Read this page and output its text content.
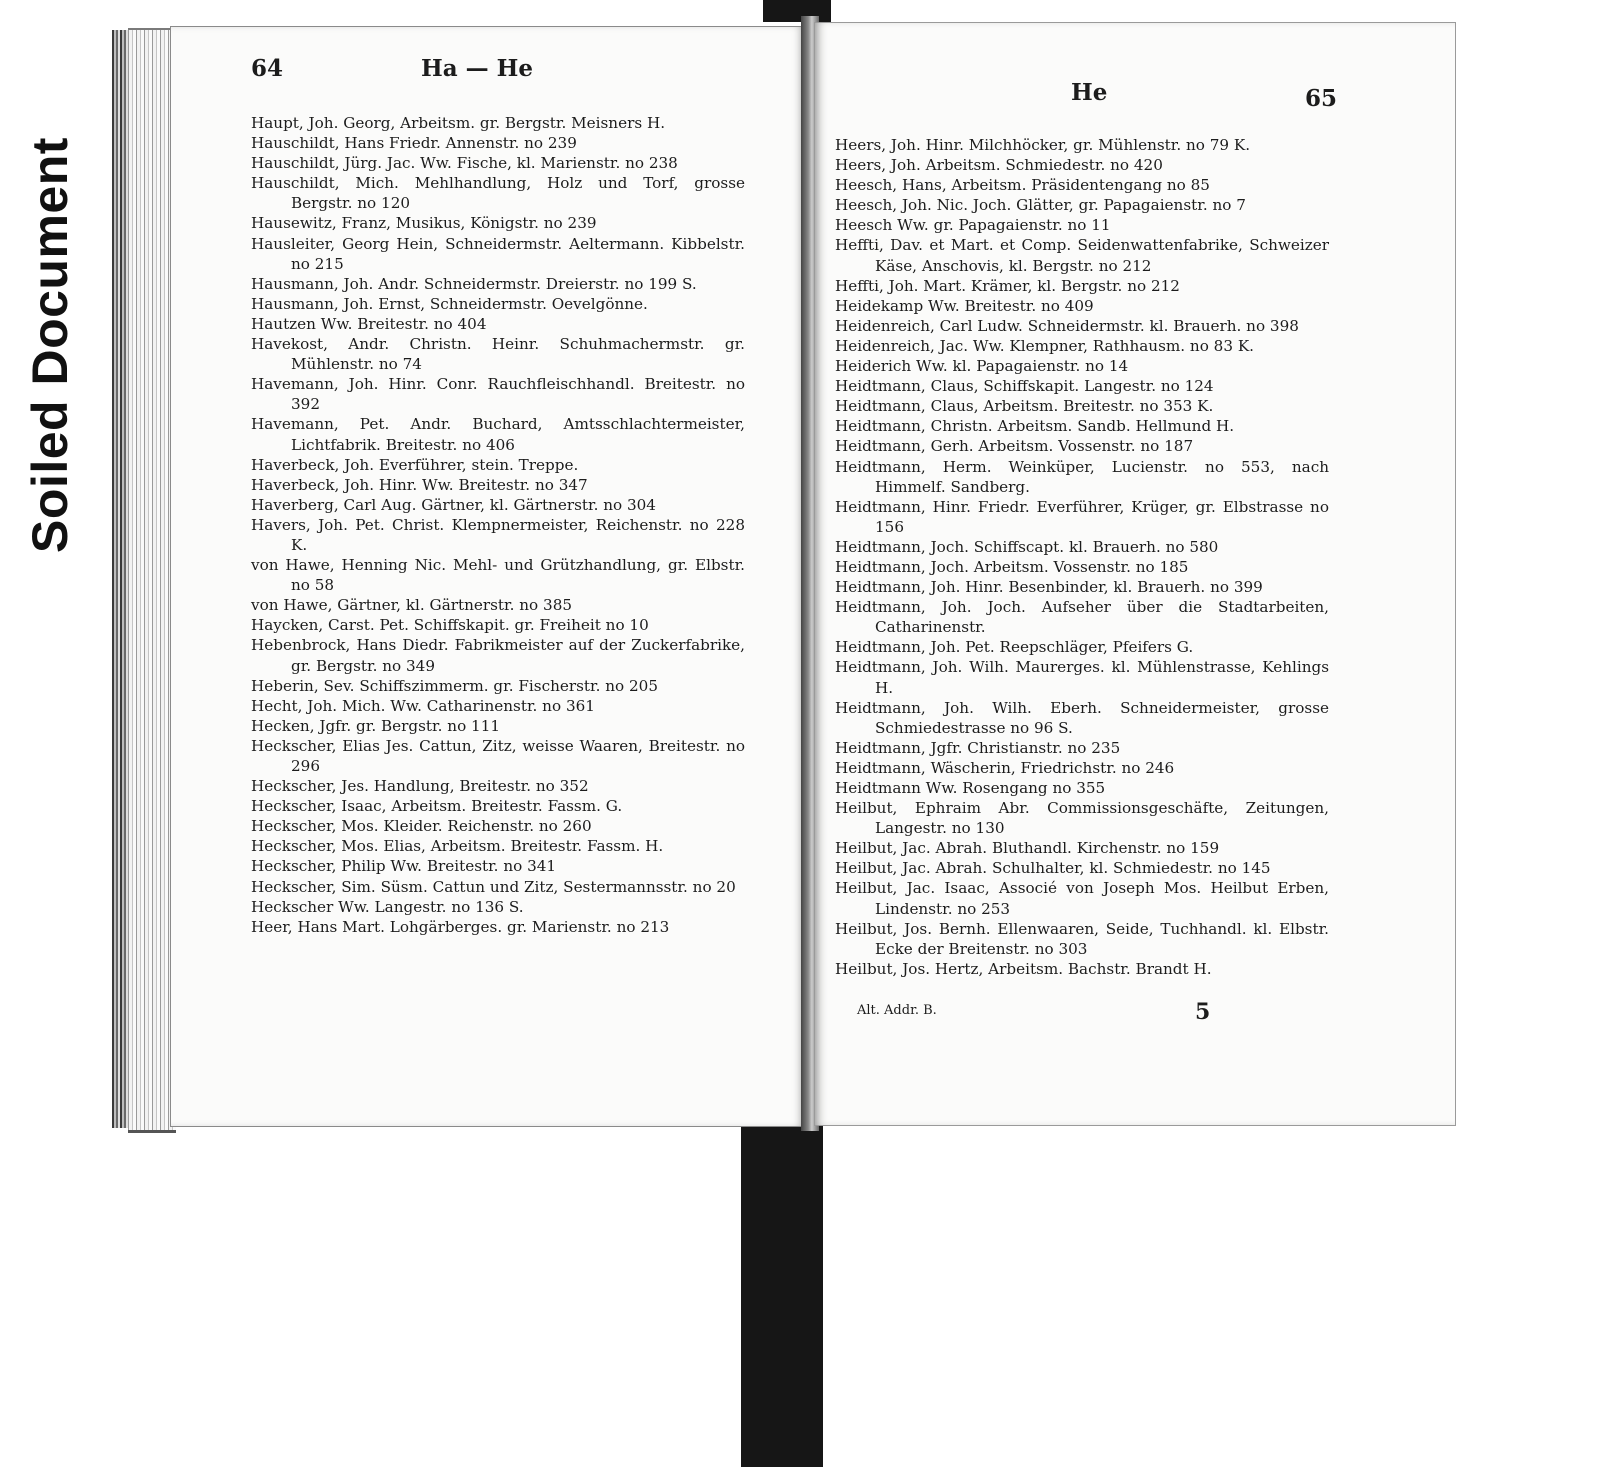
Soiled Document
64	Ha — He
Haupt, Joh. Georg, Arbeitsm. gr. Bergstr. Meisners H.
Hauschildt, Hans Friedr. Annenstr. no 239
Hauschildt, Jürg. Jac. Ww. Fische, kl. Marienstr. no 238
Hauschildt, Mich. Mehlhandlung, Holz und Torf, grosse Bergstr. no 120
Hausewitz, Franz, Musikus, Königstr. no 239
Hausleiter, Georg Hein, Schneidermstr. Aeltermann. Kibbelstr. no 215
Hausmann, Joh. Andr. Schneidermstr. Dreierstr. no 199 S.
Hausmann, Joh. Ernst, Schneidermstr. Oevelgönne.
Hautzen Ww. Breitestr. no 404
Havekost, Andr. Christn. Heinr. Schuhmachermstr. gr. Mühlenstr. no 74
Havemann, Joh. Hinr. Conr. Rauchfleischhandl. Breitestr. no 392
Havemann, Pet. Andr. Buchard, Amtsschlachtermeister, Lichtfabrik. Breitestr. no 406
Haverbeck, Joh. Everführer, stein. Treppe.
Haverbeck, Joh. Hinr. Ww. Breitestr. no 347
Haverberg, Carl Aug. Gärtner, kl. Gärtnerstr. no 304
Havers, Joh. Pet. Christ. Klempnermeister, Reichenstr. no 228 K.
von Hawe, Henning Nic. Mehl- und Grützhandlung, gr. Elbstr. no 58
von Hawe, Gärtner, kl. Gärtnerstr. no 385
Haycken, Carst. Pet. Schiffskapit. gr. Freiheit no 10
Hebenbrock, Hans Diedr. Fabrikmeister auf der Zuckerfabrike, gr. Bergstr. no 349
Heberin, Sev. Schiffszimmerm. gr. Fischerstr. no 205
Hecht, Joh. Mich. Ww. Catharinenstr. no 361
Hecken, Jgfr. gr. Bergstr. no 111
Heckscher, Elias Jes. Cattun, Zitz, weisse Waaren, Breitestr. no 296
Heckscher, Jes. Handlung, Breitestr. no 352
Heckscher, Isaac, Arbeitsm. Breitestr. Fassm. G.
Heckscher, Mos. Kleider. Reichenstr. no 260
Heckscher, Mos. Elias, Arbeitsm. Breitestr. Fassm. H.
Heckscher, Philip Ww. Breitestr. no 341
Heckscher, Sim. Süsm. Cattun und Zitz, Sestermannsstr. no 20
Heckscher Ww. Langestr. no 136 S.
Heer, Hans Mart. Lohgärberges. gr. Marienstr. no 213
He	65
Heers, Joh. Hinr. Milchhöcker, gr. Mühlenstr. no 79 K.
Heers, Joh. Arbeitsm. Schmiedestr. no 420
Heesch, Hans, Arbeitsm. Präsidentengang no 85
Heesch, Joh. Nic. Joch. Glätter, gr. Papagaienstr. no 7
Heesch Ww. gr. Papagaienstr. no 11
Heffti, Dav. et Mart. et Comp. Seidenwattenfabrike, Schweizer Käse, Anschovis, kl. Bergstr. no 212
Heffti, Joh. Mart. Krämer, kl. Bergstr. no 212
Heidekamp Ww. Breitestr. no 409
Heidenreich, Carl Ludw. Schneidermstr. kl. Brauerh. no 398
Heidenreich, Jac. Ww. Klempner, Rathhausm. no 83 K.
Heiderich Ww. kl. Papagaienstr. no 14
Heidtmann, Claus, Schiffskapit. Langestr. no 124
Heidtmann, Claus, Arbeitsm. Breitestr. no 353 K.
Heidtmann, Christn. Arbeitsm. Sandb. Hellmund H.
Heidtmann, Gerh. Arbeitsm. Vossenstr. no 187
Heidtmann, Herm. Weinküper, Lucienstr. no 553, nach Himmelf. Sandberg.
Heidtmann, Hinr. Friedr. Everführer, Krüger, gr. Elbstrasse no 156
Heidtmann, Joch. Schiffscapt. kl. Brauerh. no 580
Heidtmann, Joch. Arbeitsm. Vossenstr. no 185
Heidtmann, Joh. Hinr. Besenbinder, kl. Brauerh. no 399
Heidtmann, Joh. Joch. Aufseher über die Stadtarbeiten, Catharinenstr.
Heidtmann, Joh. Pet. Reepschläger, Pfeifers G.
Heidtmann, Joh. Wilh. Maurerges. kl. Mühlenstrasse, Kehlings H.
Heidtmann, Joh. Wilh. Eberh. Schneidermeister, grosse Schmiedestrasse no 96 S.
Heidtmann, Jgfr. Christianstr. no 235
Heidtmann, Wäscherin, Friedrichstr. no 246
Heidtmann Ww. Rosengang no 355
Heilbut, Ephraim Abr. Commissionsgeschäfte, Zeitungen, Langestr. no 130
Heilbut, Jac. Abrah. Bluthandl. Kirchenstr. no 159
Heilbut, Jac. Abrah. Schulhalter, kl. Schmiedestr. no 145
Heilbut, Jac. Isaac, Associé von Joseph Mos. Heilbut Erben, Lindenstr. no 253
Heilbut, Jos. Bernh. Ellenwaaren, Seide, Tuchhandl. kl. Elbstr. Ecke der Breitenstr. no 303
Heilbut, Jos. Hertz, Arbeitsm. Bachstr. Brandt H.
Alt. Addr. B.	5
